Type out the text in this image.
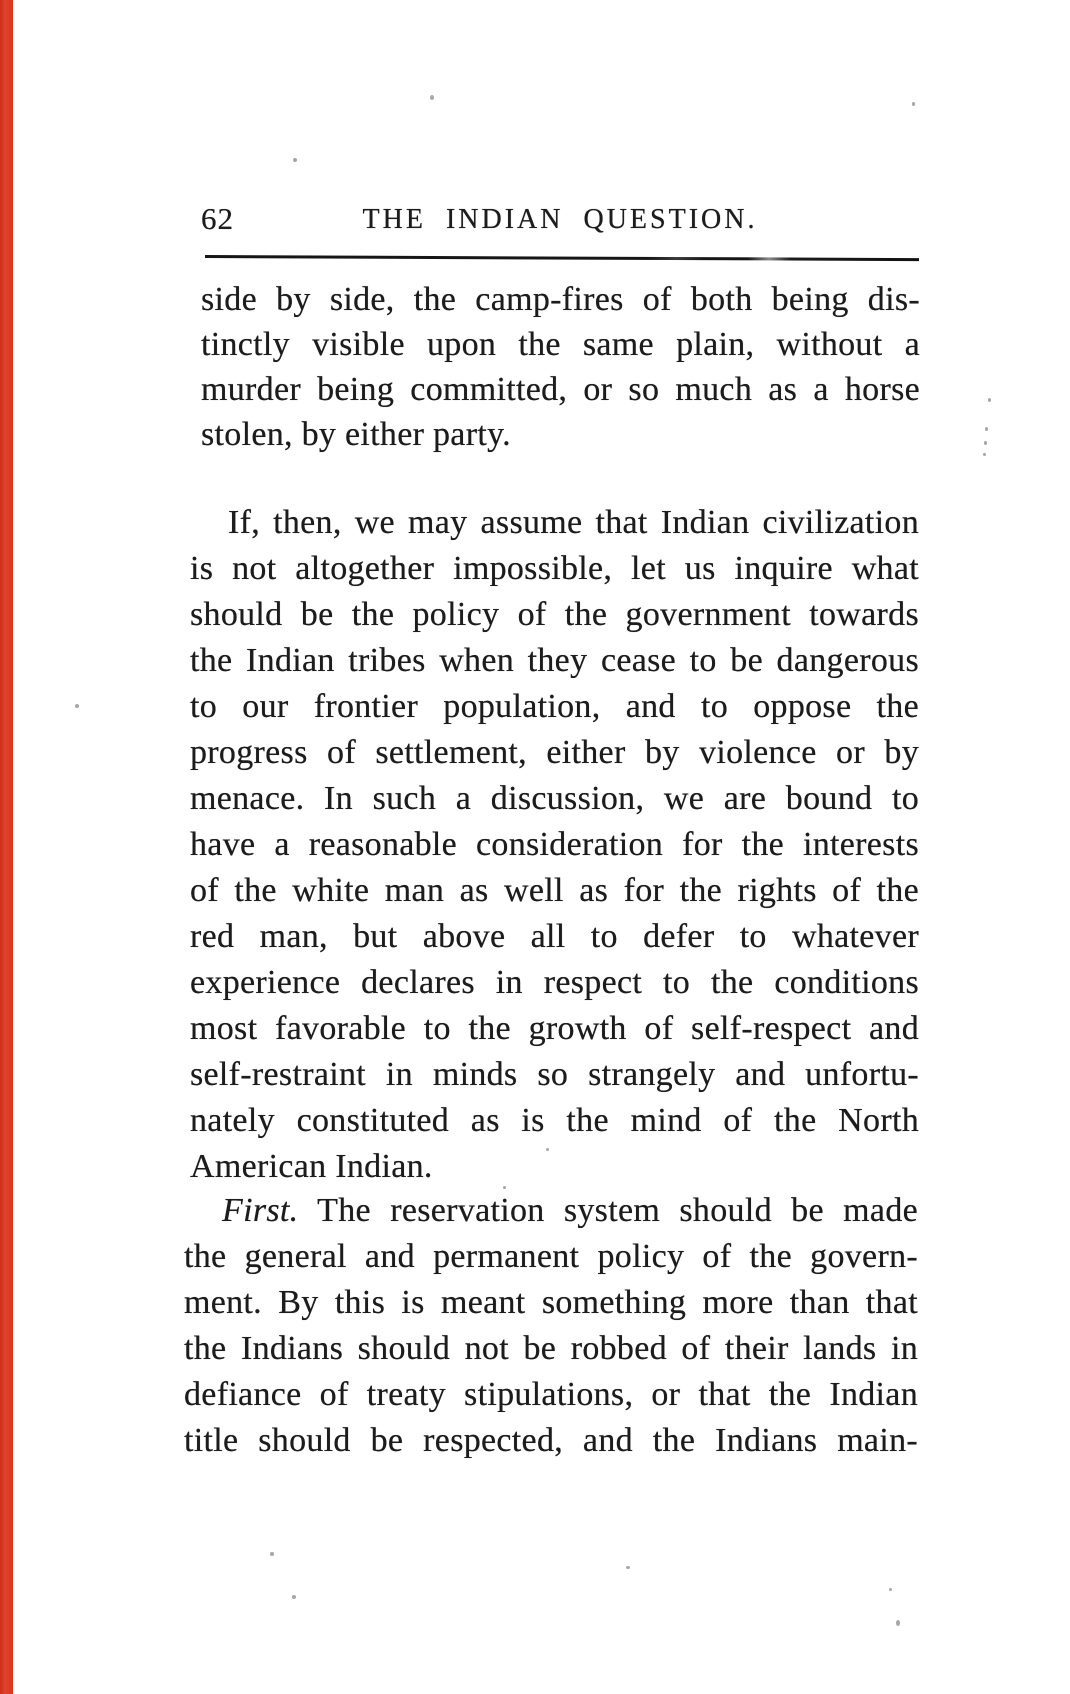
62	THE INDIAN QUESTION.
side by side, the camp-fires of both being dis-
tinctly visible upon the same plain, without a
murder being committed, or so much as a horse
stolen, by either party.
If, then, we may assume that Indian civilization
is not altogether impossible, let us inquire what
should be the policy of the government towards
the Indian tribes when they cease to be dangerous
to our frontier population, and to oppose the
progress of settlement, either by violence or by
menace. In such a discussion, we are bound to
have a reasonable consideration for the interests
of the white man as well as for the rights of the
red man, but above all to defer to whatever
experience declares in respect to the conditions
most favorable to the growth of self-respect and
self-restraint in minds so strangely and unfortu-
nately constituted as is the mind of the North
American Indian.
First. The reservation system should be made
the general and permanent policy of the govern-
ment. By this is meant something more than that
the Indians should not be robbed of their lands in
defiance of treaty stipulations, or that the Indian
title should be respected, and the Indians main-
